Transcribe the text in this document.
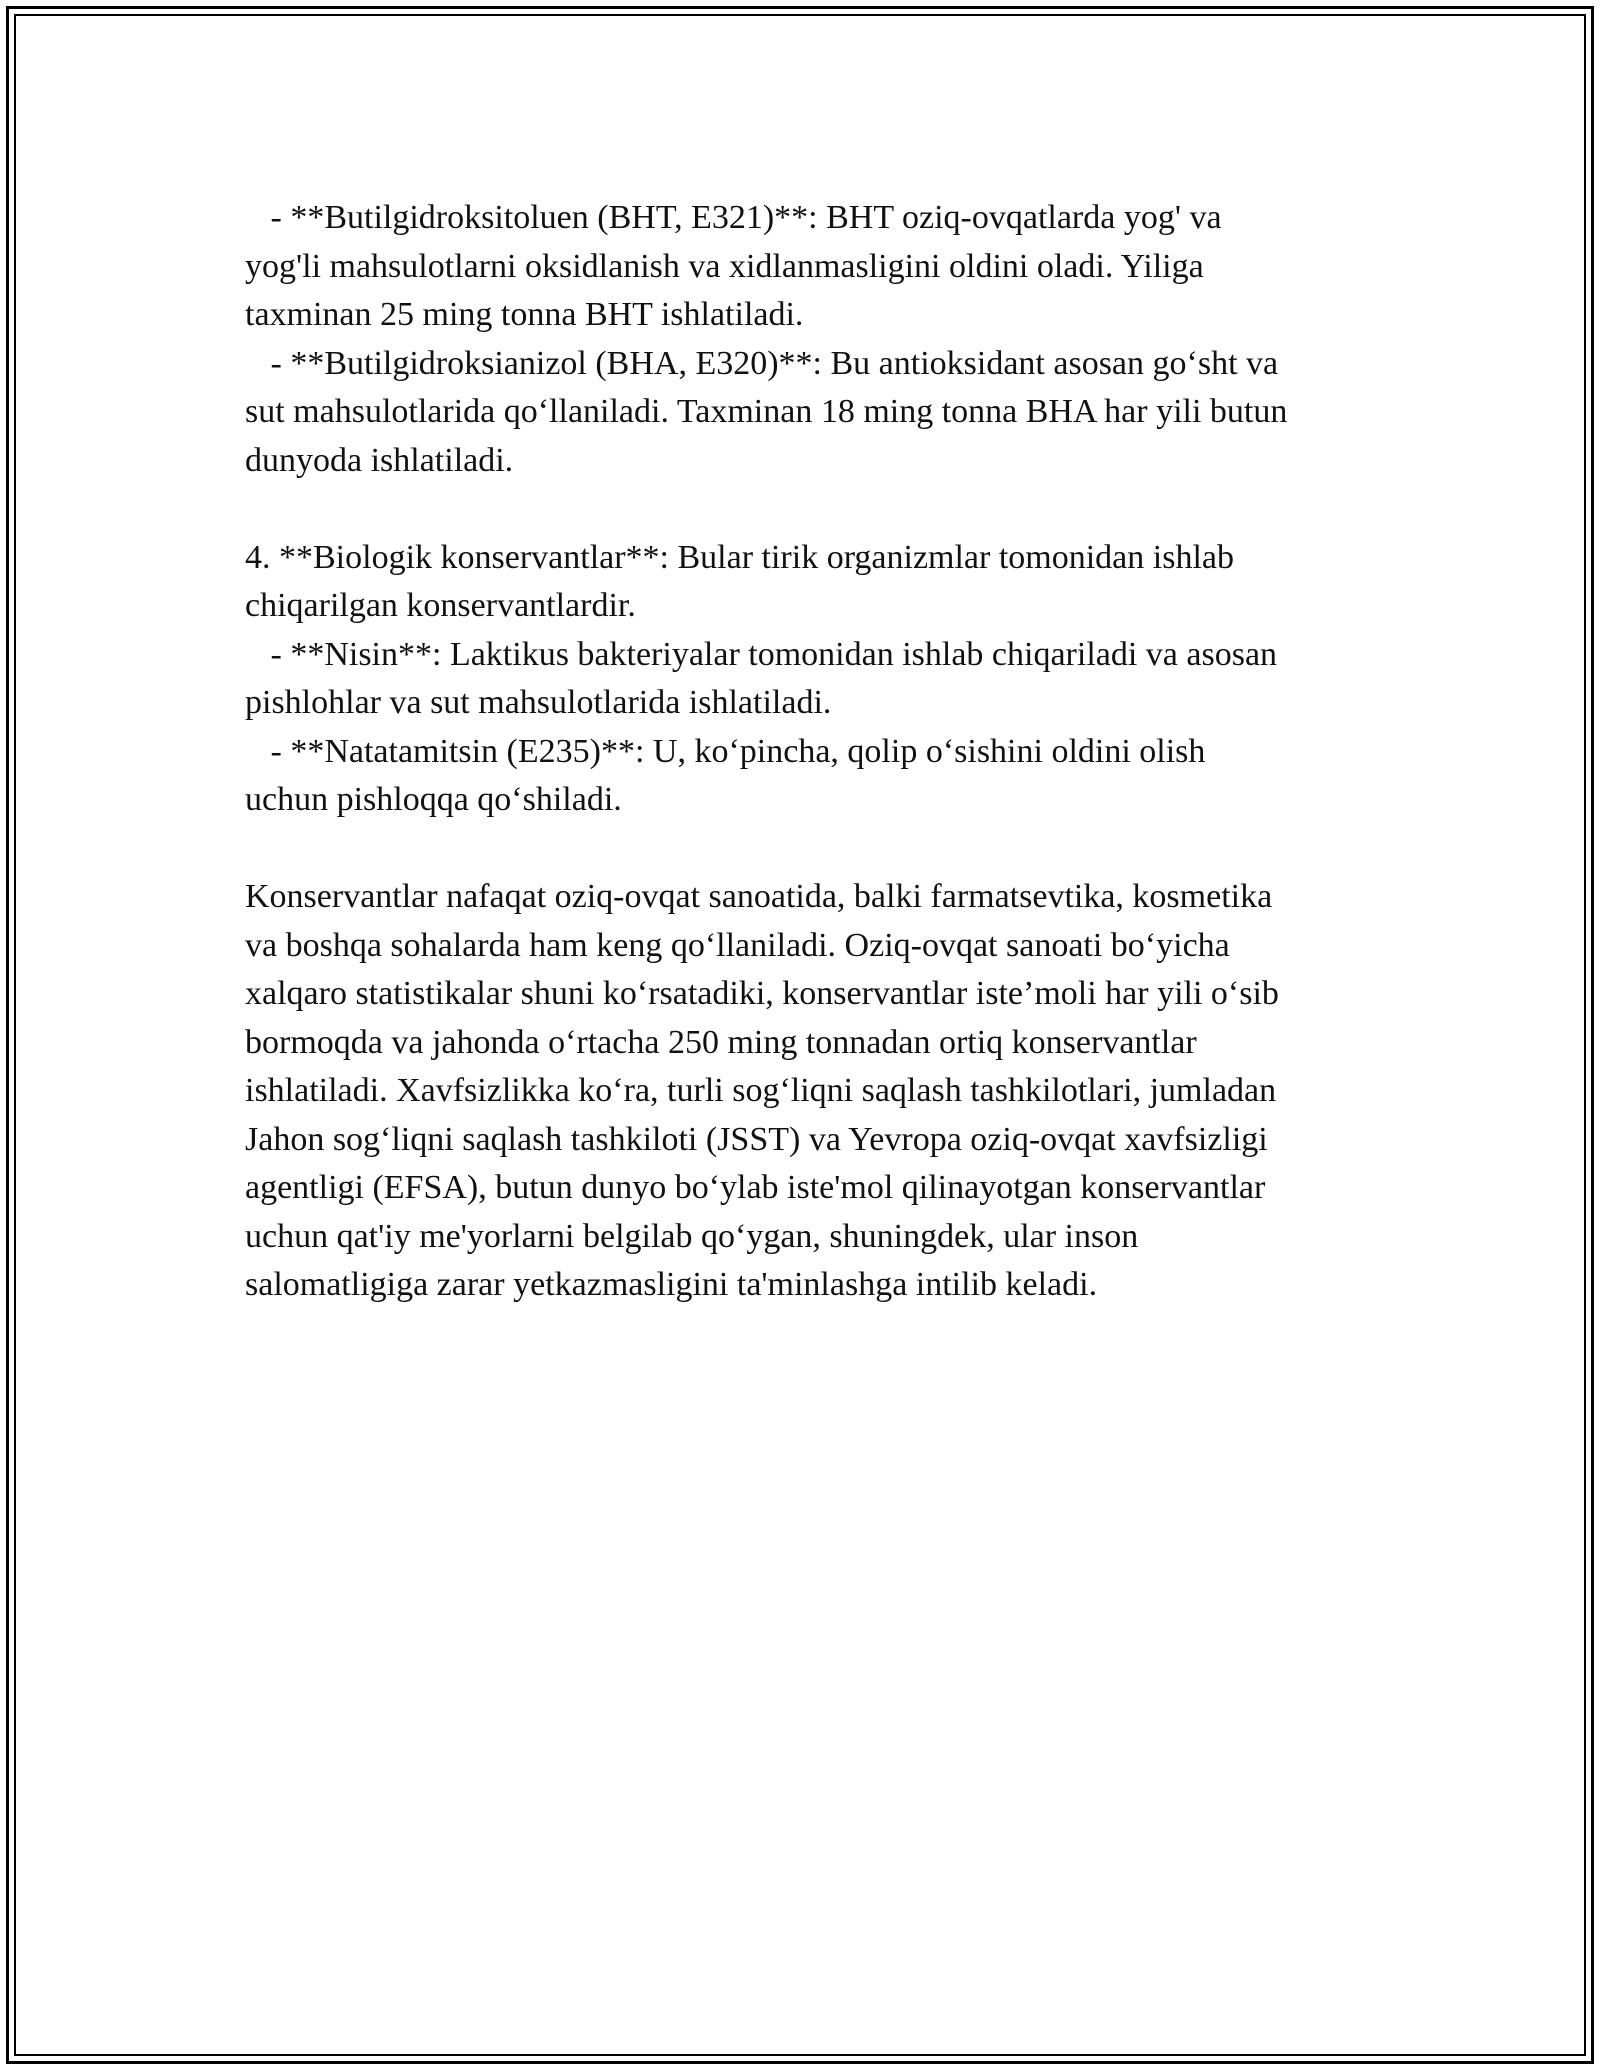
- **Butilgidroksitoluen (BHT, E321)**: BHT oziq-ovqatlarda yog' va
yog'li mahsulotlarni oksidlanish va xidlanmasligini oldini oladi. Yiliga
taxminan 25 ming tonna BHT ishlatiladi.
- **Butilgidroksianizol (BHA, E320)**: Bu antioksidant asosan go‘sht va
sut mahsulotlarida qo‘llaniladi. Taxminan 18 ming tonna BHA har yili butun
dunyoda ishlatiladi.
4. **Biologik konservantlar**: Bular tirik organizmlar tomonidan ishlab
chiqarilgan konservantlardir.
- **Nisin**: Laktikus bakteriyalar tomonidan ishlab chiqariladi va asosan
pishlohlar va sut mahsulotlarida ishlatiladi.
- **Natatamitsin (E235)**: U, ko‘pincha, qolip o‘sishini oldini olish
uchun pishloqqa qo‘shiladi.
Konservantlar nafaqat oziq-ovqat sanoatida, balki farmatsevtika, kosmetika
va boshqa sohalarda ham keng qo‘llaniladi. Oziq-ovqat sanoati bo‘yicha
xalqaro statistikalar shuni ko‘rsatadiki, konservantlar iste’moli har yili o‘sib
bormoqda va jahonda o‘rtacha 250 ming tonnadan ortiq konservantlar
ishlatiladi. Xavfsizlikka ko‘ra, turli sog‘liqni saqlash tashkilotlari, jumladan
Jahon sog‘liqni saqlash tashkiloti (JSST) va Yevropa oziq-ovqat xavfsizligi
agentligi (EFSA), butun dunyo bo‘ylab iste'mol qilinayotgan konservantlar
uchun qat'iy me'yorlarni belgilab qo‘ygan, shuningdek, ular inson
salomatligiga zarar yetkazmasligini ta'minlashga intilib keladi.
